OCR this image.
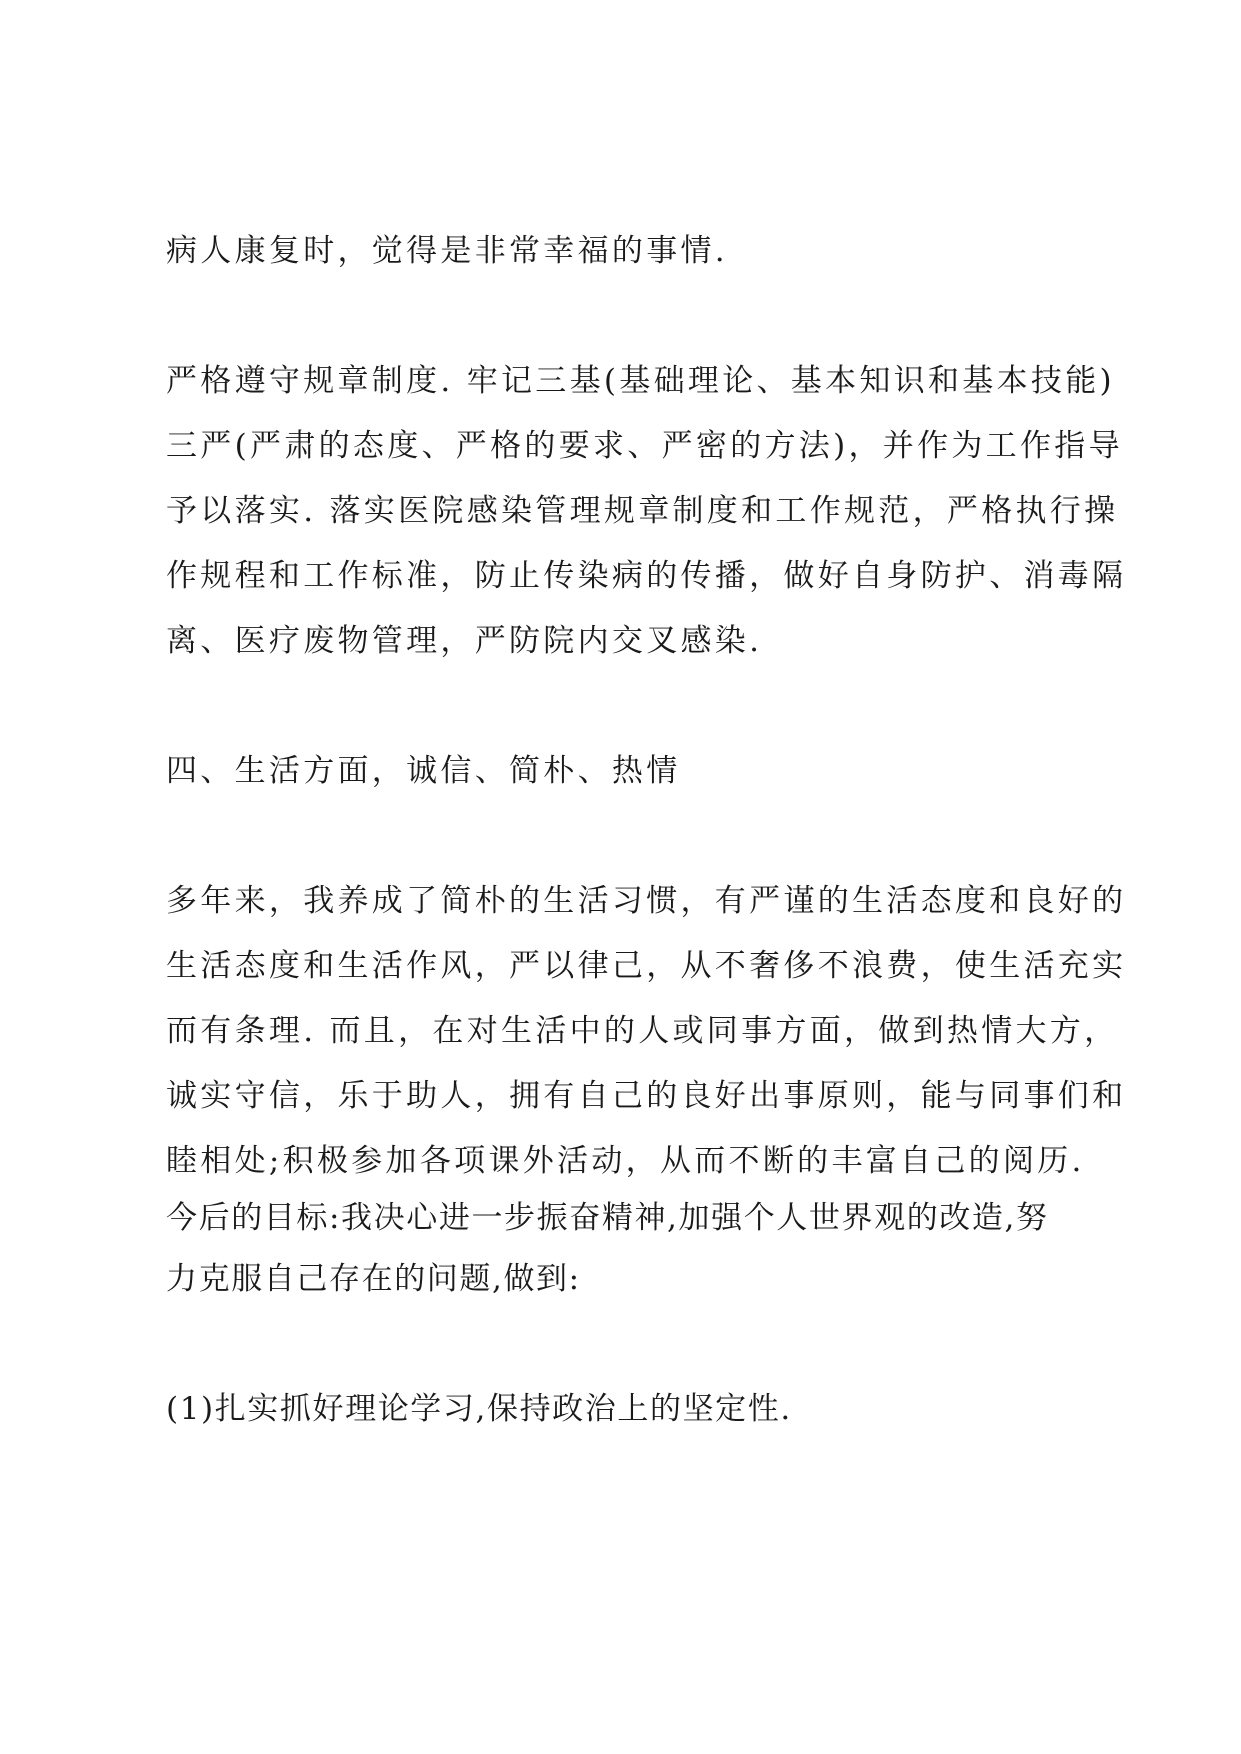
病人康复时，觉得是非常幸福的事情.
严格遵守规章制度. 牢记三基(基础理论、基本知识和基本技能)
三严(严肃的态度、严格的要求、严密的方法)，并作为工作指导
予以落实. 落实医院感染管理规章制度和工作规范，严格执行操
作规程和工作标准，防止传染病的传播，做好自身防护、消毒隔
离、医疗废物管理，严防院内交叉感染.
四、生活方面，诚信、简朴、热情
多年来，我养成了简朴的生活习惯，有严谨的生活态度和良好的
生活态度和生活作风，严以律己，从不奢侈不浪费，使生活充实
而有条理. 而且，在对生活中的人或同事方面，做到热情大方，
诚实守信，乐于助人，拥有自己的良好出事原则，能与同事们和
睦相处;积极参加各项课外活动，从而不断的丰富自己的阅历.
今后的目标:我决心进一步振奋精神,加强个人世界观的改造,努
力克服自己存在的问题,做到:
(1)扎实抓好理论学习,保持政治上的坚定性.
